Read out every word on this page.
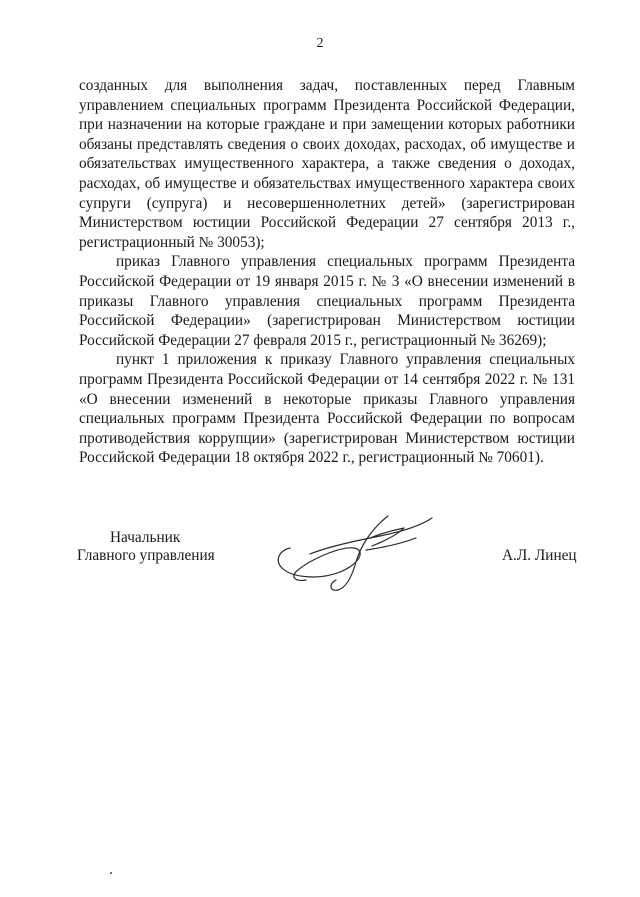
2

созданных для выполнения задач, поставленных перед Главным управлением специальных программ Президента Российской Федерации, при назначении на которые граждане и при замещении которых работники обязаны представлять сведения о своих доходах, расходах, об имуществе и обязательствах имущественного характера, а также сведения о доходах, расходах, об имуществе и обязательствах имущественного характера своих супруги (супруга) и несовершеннолетних детей» (зарегистрирован Министерством юстиции Российской Федерации 27 сентября 2013 г., регистрационный № 30053);

приказ Главного управления специальных программ Президента Российской Федерации от 19 января 2015 г. № 3 «О внесении изменений в приказы Главного управления специальных программ Президента Российской Федерации» (зарегистрирован Министерством юстиции Российской Федерации 27 февраля 2015 г., регистрационный № 36269);

пункт 1 приложения к приказу Главного управления специальных программ Президента Российской Федерации от 14 сентября 2022 г. № 131 «О внесении изменений в некоторые приказы Главного управления специальных программ Президента Российской Федерации по вопросам противодействия коррупции» (зарегистрирован Министерством юстиции Российской Федерации 18 октября 2022 г., регистрационный № 70601).

Начальник
Главного управления	А.Л. Линец
